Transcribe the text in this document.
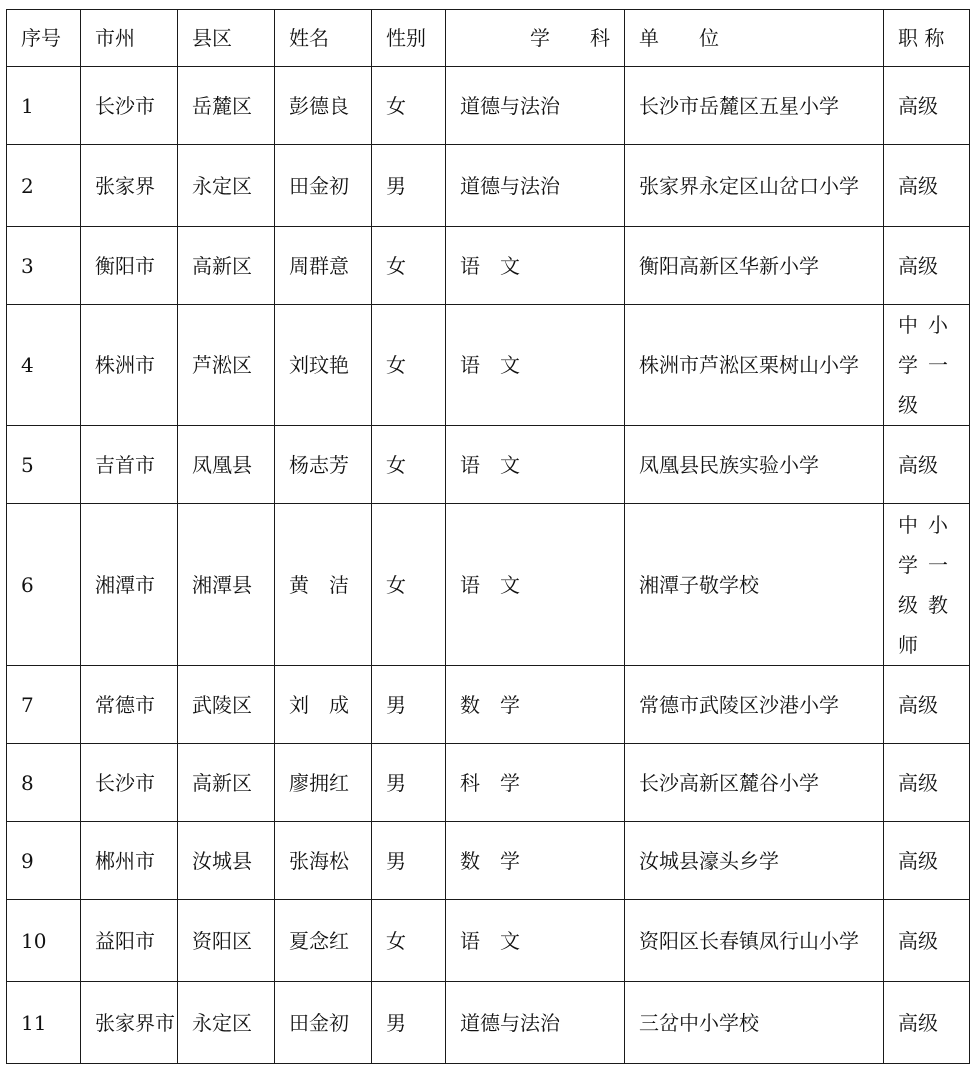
序号	市州	县区	姓名	性别	学　　科	单　　位	职 称
1	长沙市	岳麓区	彭德良	女	道德与法治	长沙市岳麓区五星小学	高级
2	张家界	永定区	田金初	男	道德与法治	张家界永定区山岔口小学	高级
3	衡阳市	高新区	周群意	女	语　文	衡阳高新区华新小学	高级
4	株洲市	芦淞区	刘玟艳	女	语　文	株洲市芦淞区栗树山小学	中小学一级
5	吉首市	凤凰县	杨志芳	女	语　文	凤凰县民族实验小学	高级
6	湘潭市	湘潭县	黄　洁	女	语　文	湘潭子敬学校	中小学一级教师
7	常德市	武陵区	刘　成	男	数　学	常德市武陵区沙港小学	高级
8	长沙市	高新区	廖拥红	男	科　学	长沙高新区麓谷小学	高级
9	郴州市	汝城县	张海松	男	数　学	汝城县濠头乡学	高级
10	益阳市	资阳区	夏念红	女	语　文	资阳区长春镇凤行山小学	高级
11	张家界市	永定区	田金初	男	道德与法治	三岔中小学校	高级
